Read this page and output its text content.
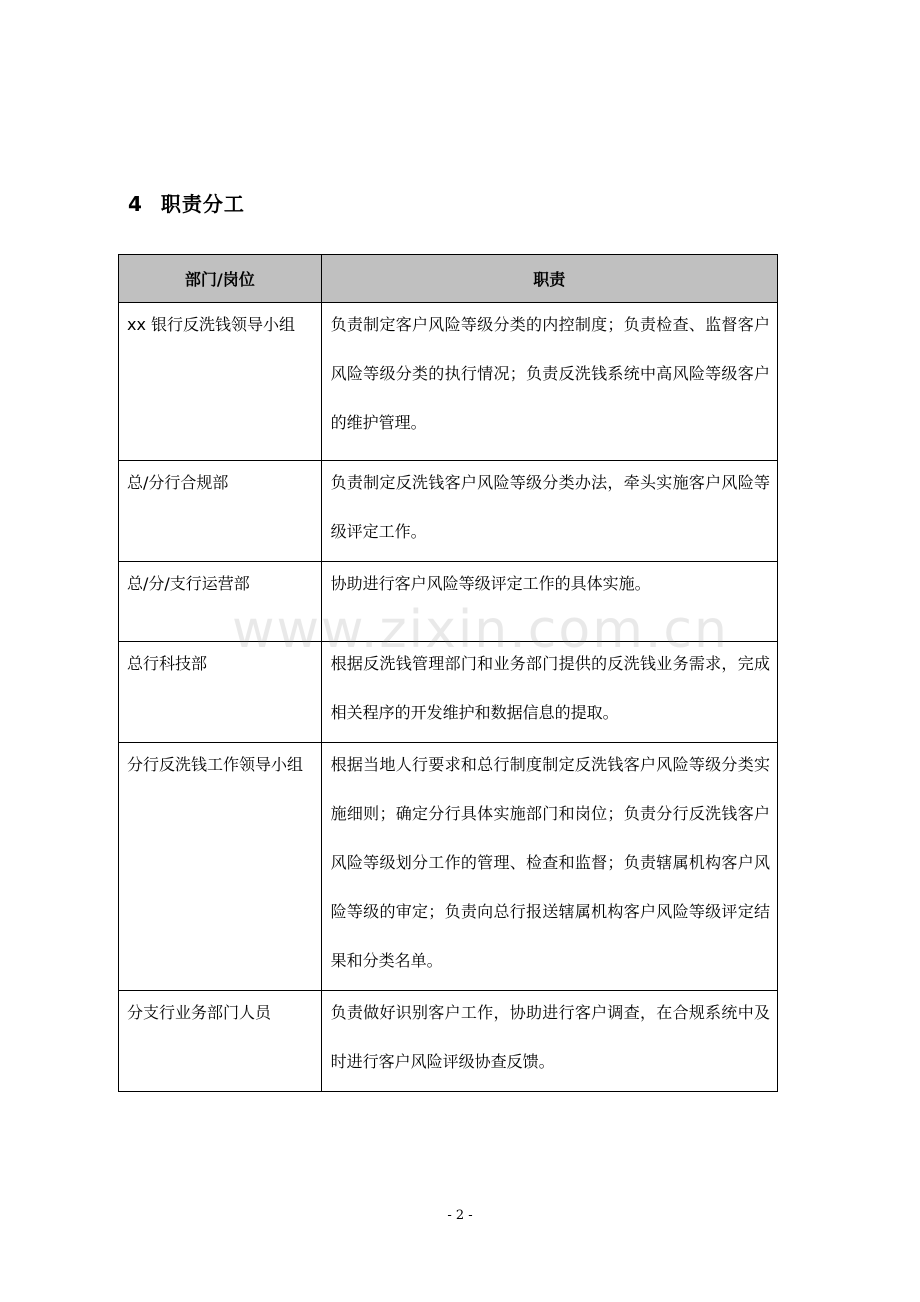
4 职责分工
部门/岗位	职责

xx 银行反洗钱领导小组	负责制定客户风险等级分类的内控制度；负责检查、监督客户风险等级分类的执行情况；负责反洗钱系统中高风险等级客户的维护管理。

总/分行合规部	负责制定反洗钱客户风险等级分类办法，牵头实施客户风险等级评定工作。

总/分/支行运营部	协助进行客户风险等级评定工作的具体实施。

总行科技部	根据反洗钱管理部门和业务部门提供的反洗钱业务需求，完成相关程序的开发维护和数据信息的提取。

分行反洗钱工作领导小组	根据当地人行要求和总行制度制定反洗钱客户风险等级分类实施细则；确定分行具体实施部门和岗位；负责分行反洗钱客户风险等级划分工作的管理、检查和监督；负责辖属机构客户风险等级的审定；负责向总行报送辖属机构客户风险等级评定结果和分类名单。

分支行业务部门人员	负责做好识别客户工作，协助进行客户调查，在合规系统中及时进行客户风险评级协查反馈。
www.zixin.com.cn
- 2 -
